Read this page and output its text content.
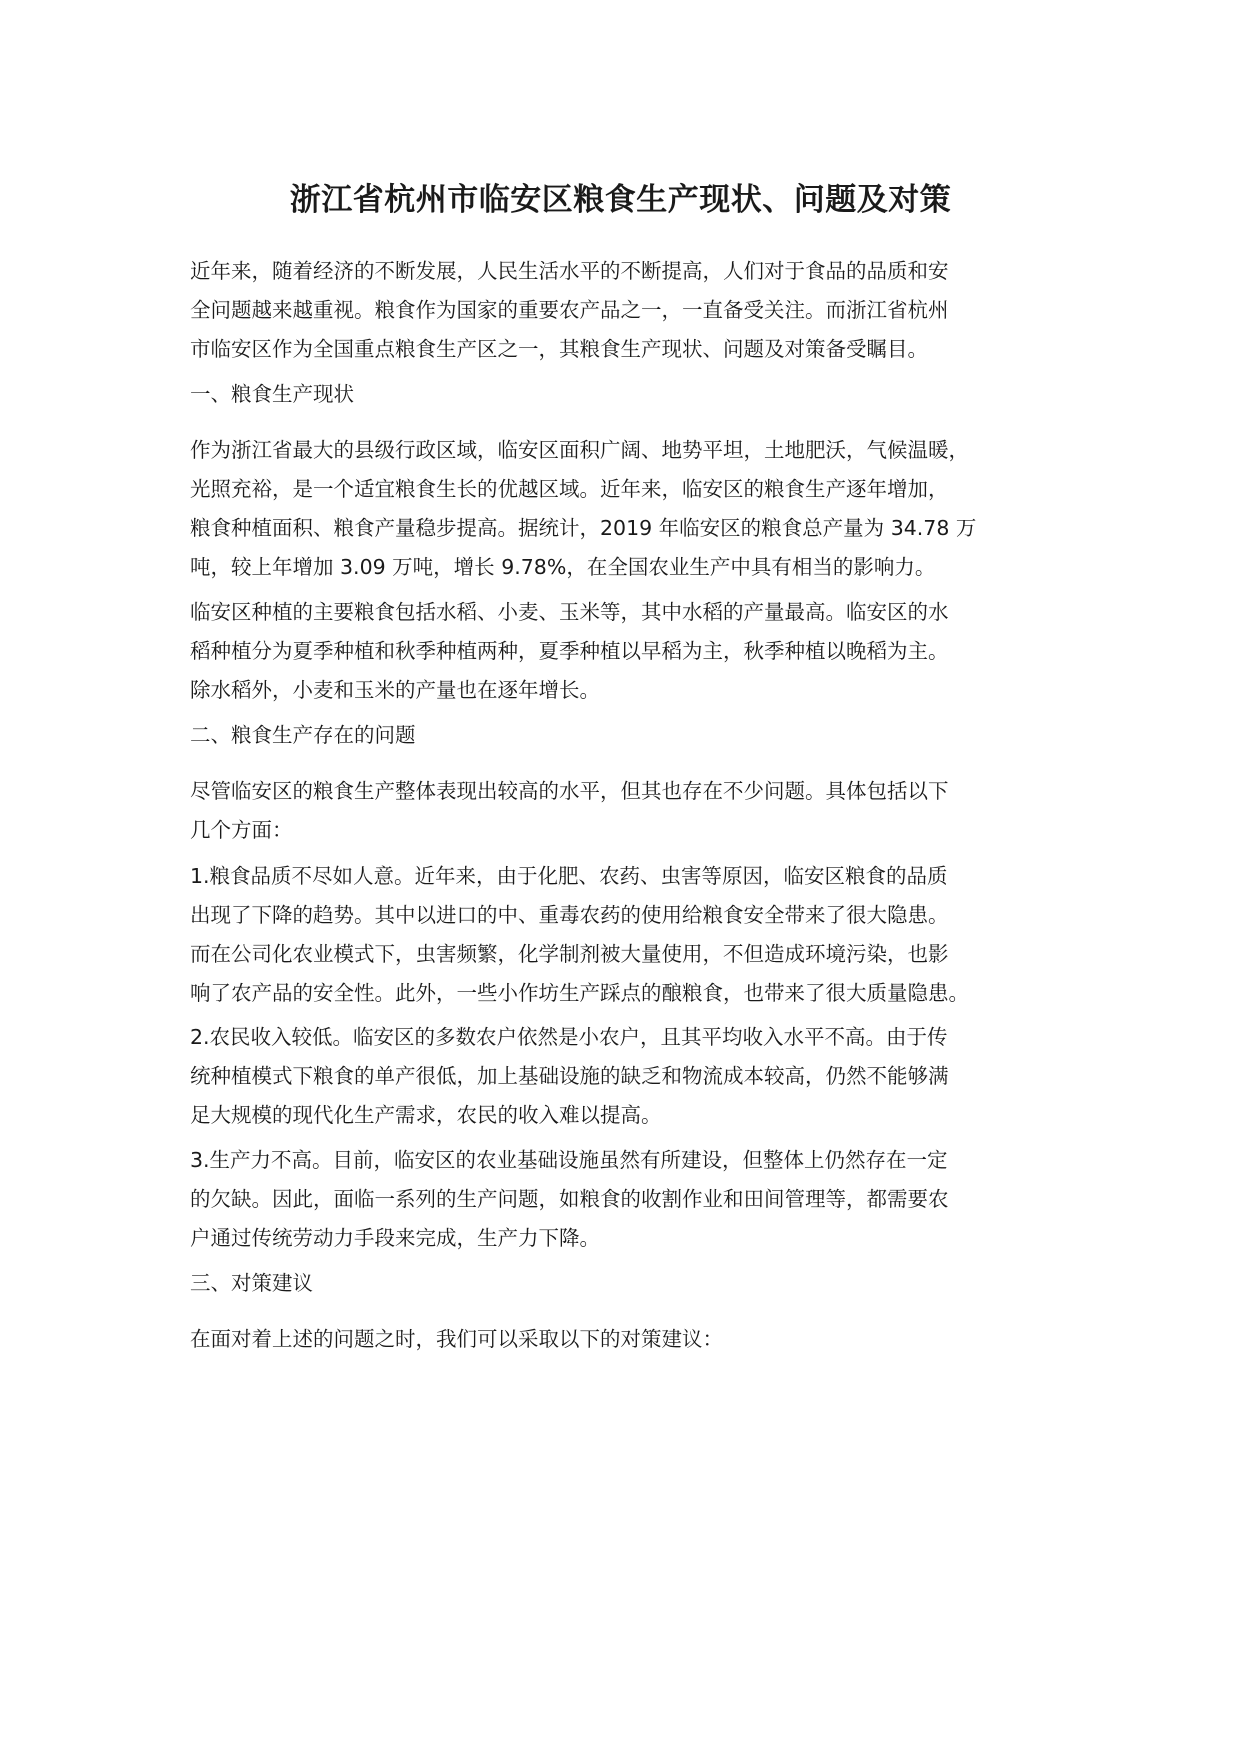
浙江省杭州市临安区粮食生产现状、问题及对策

近年来，随着经济的不断发展，人民生活水平的不断提高，人们对于食品的品质和安
全问题越来越重视。粮食作为国家的重要农产品之一，一直备受关注。而浙江省杭州
市临安区作为全国重点粮食生产区之一，其粮食生产现状、问题及对策备受瞩目。

一、粮食生产现状

作为浙江省最大的县级行政区域，临安区面积广阔、地势平坦，土地肥沃，气候温暖，
光照充裕，是一个适宜粮食生长的优越区域。近年来，临安区的粮食生产逐年增加，
粮食种植面积、粮食产量稳步提高。据统计，2019 年临安区的粮食总产量为 34.78 万
吨，较上年增加 3.09 万吨，增长 9.78%，在全国农业生产中具有相当的影响力。

临安区种植的主要粮食包括水稻、小麦、玉米等，其中水稻的产量最高。临安区的水
稻种植分为夏季种植和秋季种植两种，夏季种植以早稻为主，秋季种植以晚稻为主。
除水稻外，小麦和玉米的产量也在逐年增长。

二、粮食生产存在的问题

尽管临安区的粮食生产整体表现出较高的水平，但其也存在不少问题。具体包括以下
几个方面：

1.粮食品质不尽如人意。近年来，由于化肥、农药、虫害等原因，临安区粮食的品质
出现了下降的趋势。其中以进口的中、重毒农药的使用给粮食安全带来了很大隐患。
而在公司化农业模式下，虫害频繁，化学制剂被大量使用，不但造成环境污染，也影
响了农产品的安全性。此外，一些小作坊生产踩点的酿粮食，也带来了很大质量隐患。

2.农民收入较低。临安区的多数农户依然是小农户，且其平均收入水平不高。由于传
统种植模式下粮食的单产很低，加上基础设施的缺乏和物流成本较高，仍然不能够满
足大规模的现代化生产需求，农民的收入难以提高。

3.生产力不高。目前，临安区的农业基础设施虽然有所建设，但整体上仍然存在一定
的欠缺。因此，面临一系列的生产问题，如粮食的收割作业和田间管理等，都需要农
户通过传统劳动力手段来完成，生产力下降。

三、对策建议

在面对着上述的问题之时，我们可以采取以下的对策建议：
